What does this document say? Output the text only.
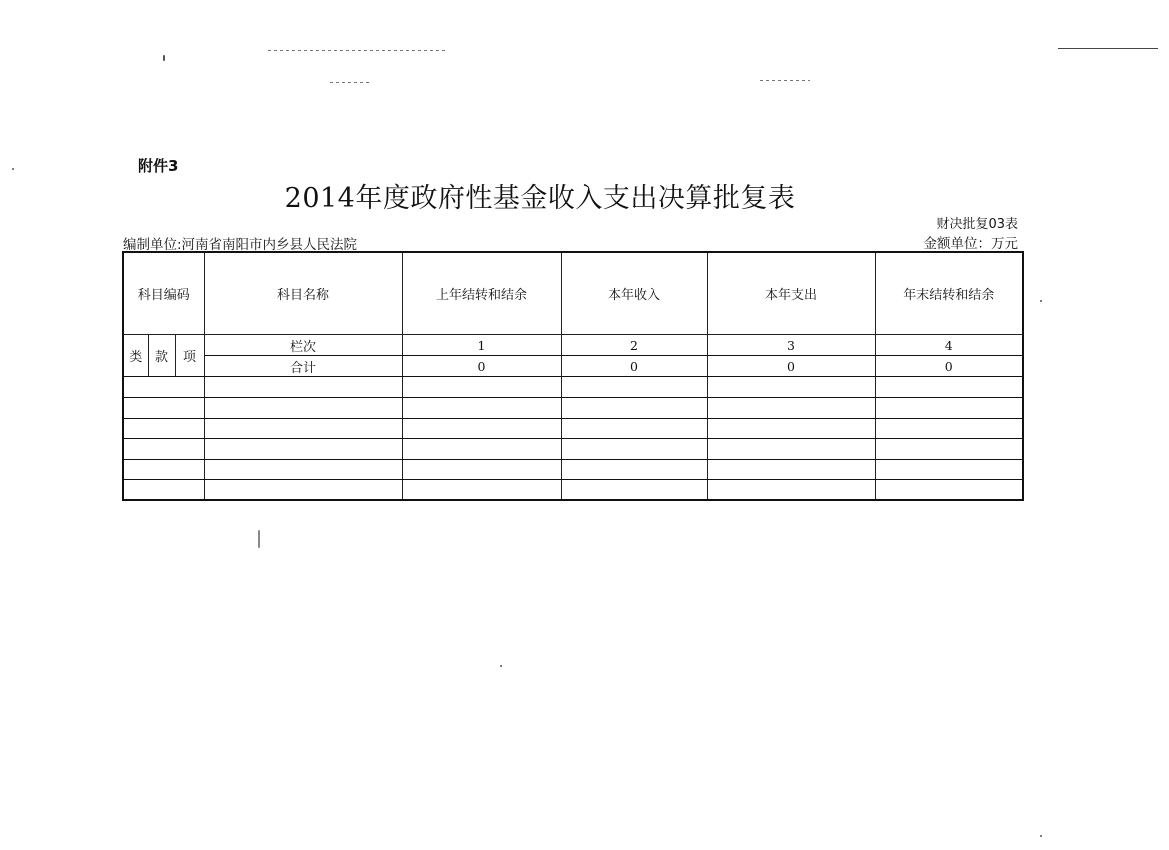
附件3
2014年度政府性基金收入支出决算批复表
财决批复03表
编制单位:河南省南阳市内乡县人民法院	金额单位：万元
科目编码			科目名称	上年结转和结余	本年收入	本年支出	年末结转和结余
类	款	项	栏次	1	2	3	4
			合计	0	0	0	0
